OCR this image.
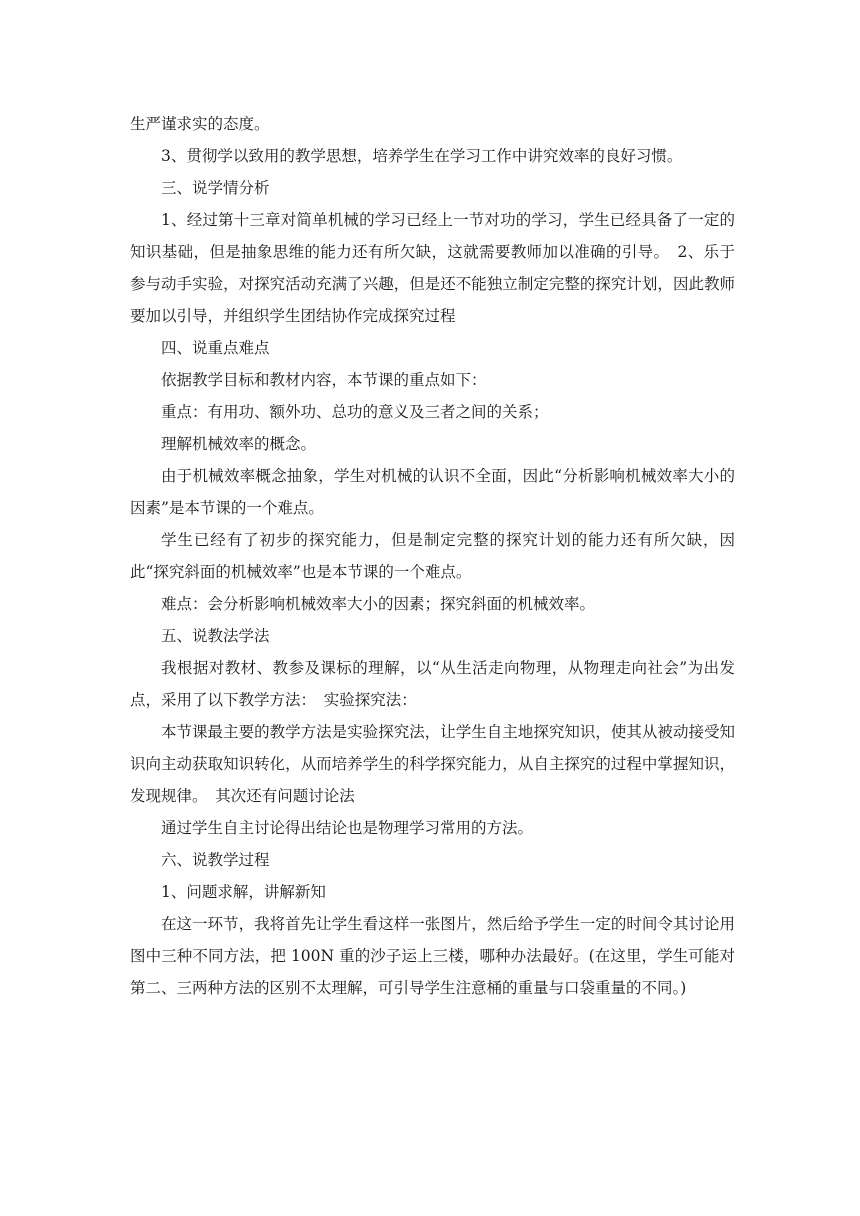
生严谨求实的态度。

3、贯彻学以致用的教学思想，培养学生在学习工作中讲究效率的良好习惯。

三、说学情分析

1、经过第十三章对简单机械的学习已经上一节对功的学习，学生已经具备了一定的知识基础，但是抽象思维的能力还有所欠缺，这就需要教师加以准确的引导。　2、乐于参与动手实验，对探究活动充满了兴趣，但是还不能独立制定完整的探究计划，因此教师要加以引导，并组织学生团结协作完成探究过程

四、说重点难点

依据教学目标和教材内容，本节课的重点如下：

重点：有用功、额外功、总功的意义及三者之间的关系；

理解机械效率的概念。

由于机械效率概念抽象，学生对机械的认识不全面，因此“分析影响机械效率大小的因素”是本节课的一个难点。

学生已经有了初步的探究能力，但是制定完整的探究计划的能力还有所欠缺，因此“探究斜面的机械效率”也是本节课的一个难点。

难点：会分析影响机械效率大小的因素；探究斜面的机械效率。

五、说教法学法

我根据对教材、教参及课标的理解，以“从生活走向物理，从物理走向社会”为出发点，采用了以下教学方法：　实验探究法：

本节课最主要的教学方法是实验探究法，让学生自主地探究知识，使其从被动接受知识向主动获取知识转化，从而培养学生的科学探究能力，从自主探究的过程中掌握知识，发现规律。　其次还有问题讨论法

通过学生自主讨论得出结论也是物理学习常用的方法。

六、说教学过程

1、问题求解，讲解新知

在这一环节，我将首先让学生看这样一张图片，然后给予学生一定的时间令其讨论用图中三种不同方法，把 100N 重的沙子运上三楼，哪种办法最好。(在这里，学生可能对第二、三两种方法的区别不太理解，可引导学生注意桶的重量与口袋重量的不同。)
